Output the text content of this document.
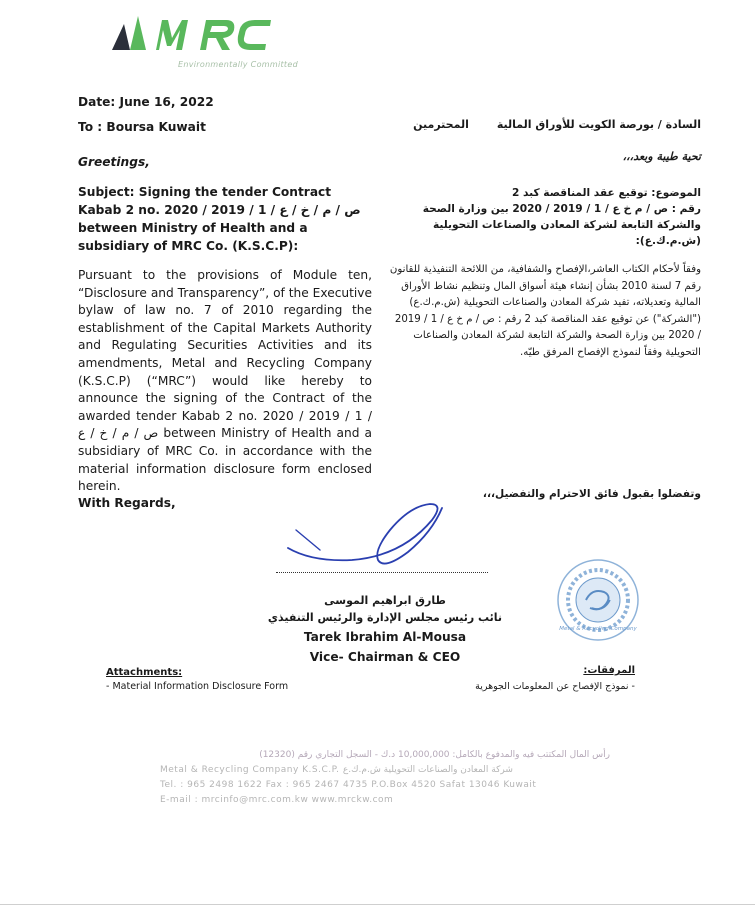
Environmentally Committed
Date: June 16, 2022
To : Boursa Kuwait
Greetings,
Subject: Signing the tender Contract Kabab 2 no. 2020 / 2019 / 1 / ص / م / خ / ع between Ministry of Health and a subsidiary of MRC Co. (K.S.C.P):
Pursuant to the provisions of Module ten, “Disclosure and Transparency”, of the Executive bylaw of law no. 7 of 2010 regarding the establishment of the Capital Markets Authority and Regulating Securities Activities and its amendments, Metal and Recycling Company (K.S.C.P) (“MRC”) would like hereby to announce the signing of the Contract of the awarded tender Kabab 2 no. 2020 / 2019 / 1 / ص / م / خ / ع between Ministry of Health and a subsidiary of MRC Co. in accordance with the material information disclosure form enclosed herein.
With Regards,
السادة / بورصة الكويت للأوراق الماليةالمحترمين
تحية طيبة وبعد،،،
الموضوع: توقيع عقد المناقصة كبد 2
رقم : ص / م خ ع / 1 / 2019 / 2020 بين وزارة الصحة
والشركة التابعة لشركة المعادن والصناعات التحويلية (ش.م.ك.ع):
وفقاً لأحكام الكتاب العاشر،الإفصاح والشفافية، من اللائحة التنفيذية للقانون رقم 7 لسنة 2010 بشأن إنشاء هيئة أسواق المال وتنظيم نشاط الأوراق المالية وتعديلاته، تفيد شركة المعادن والصناعات التحويلية (ش.م.ك.ع) ("الشركة") عن توقيع عقد المناقصة كبد 2 رقم : ص / م خ ع / 1 / 2019 / 2020 بين وزارة الصحة والشركة التابعة لشركة المعادن والصناعات التحويلية وفقاً لنموذج الإفصاح المرفق طيّه.
وتفضلوا بقبول فائق الاحترام والتفضيل،،،
طارق ابراهيم الموسى
نائب رئيس مجلس الإدارة والرئيس التنفيذي
Tarek Ibrahim Al-Mousa
Vice- Chairman & CEO
Metal & Recycling Company
Attachments:
- Material Information Disclosure Form
المرفقات:
- نموذج الإفصاح عن المعلومات الجوهرية
رأس المال المكتتب فيه والمدفوع بالكامل: 10,000,000 د.ك - السجل التجاري رقم (12320)
Metal & Recycling Company K.S.C.P. شركة المعادن والصناعات التحويلية ش.م.ك.ع
Tel. : 965 2498 1622 Fax : 965 2467 4735 P.O.Box 4520 Safat 13046 Kuwait
E-mail : mrcinfo@mrc.com.kw www.mrckw.com
